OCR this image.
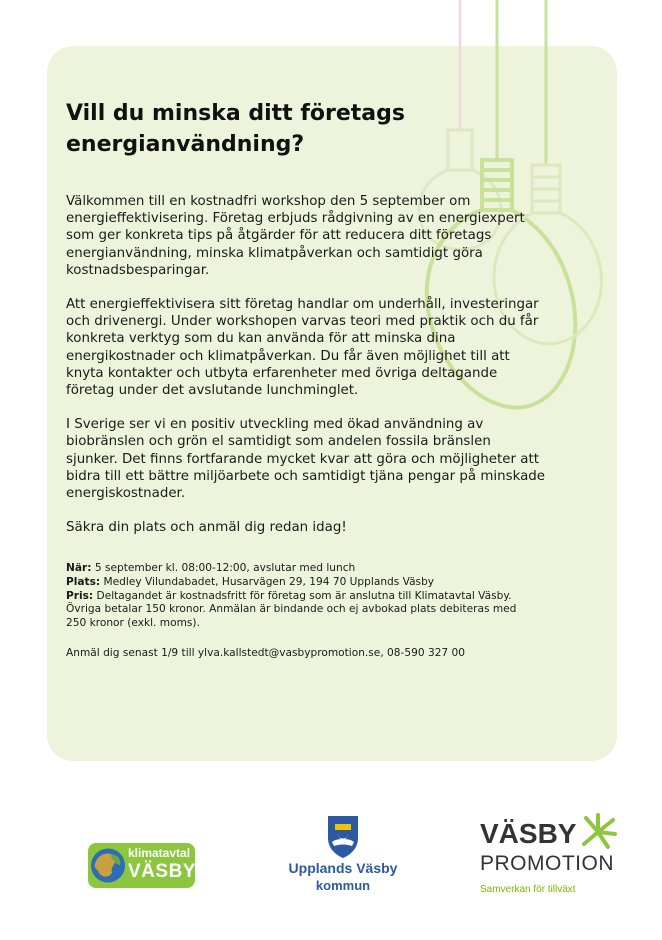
Vill du minska ditt företags energianvändning?

Välkommen till en kostnadfri workshop den 5 september om energieffektivisering. Företag erbjuds rådgivning av en energiexpert som ger konkreta tips på åtgärder för att reducera ditt företags energianvändning, minska klimatpåverkan och samtidigt göra kostnadsbesparingar.

Att energieffektivisera sitt företag handlar om underhåll, investeringar och drivenergi. Under workshopen varvas teori med praktik och du får konkreta verktyg som du kan använda för att minska dina energikostnader och klimatpåverkan. Du får även möjlighet till att knyta kontakter och utbyta erfarenheter med övriga deltagande företag under det avslutande lunchminglet.

I Sverige ser vi en positiv utveckling med ökad användning av biobränslen och grön el samtidigt som andelen fossila bränslen sjunker. Det finns fortfarande mycket kvar att göra och möjligheter att bidra till ett bättre miljöarbete och samtidigt tjäna pengar på minskade energiskostnader.

Säkra din plats och anmäl dig redan idag!

När: 5 september kl. 08:00-12:00, avslutar med lunch
Plats: Medley Vilundabadet, Husarvägen 29, 194 70 Upplands Väsby
Pris: Deltagandet är kostnadsfritt för företag som är anslutna till Klimatavtal Väsby. Övriga betalar 150 kronor. Anmälan är bindande och ej avbokad plats debiteras med 250 kronor (exkl. moms).
Anmäl dig senast 1/9 till ylva.kallstedt@vasbypromotion.se, 08-590 327 00
klimatavtal
VÄSBY	Upplands Väsby
kommun
VÄSBY
PROMOTION
Samverkan för tillväxt
